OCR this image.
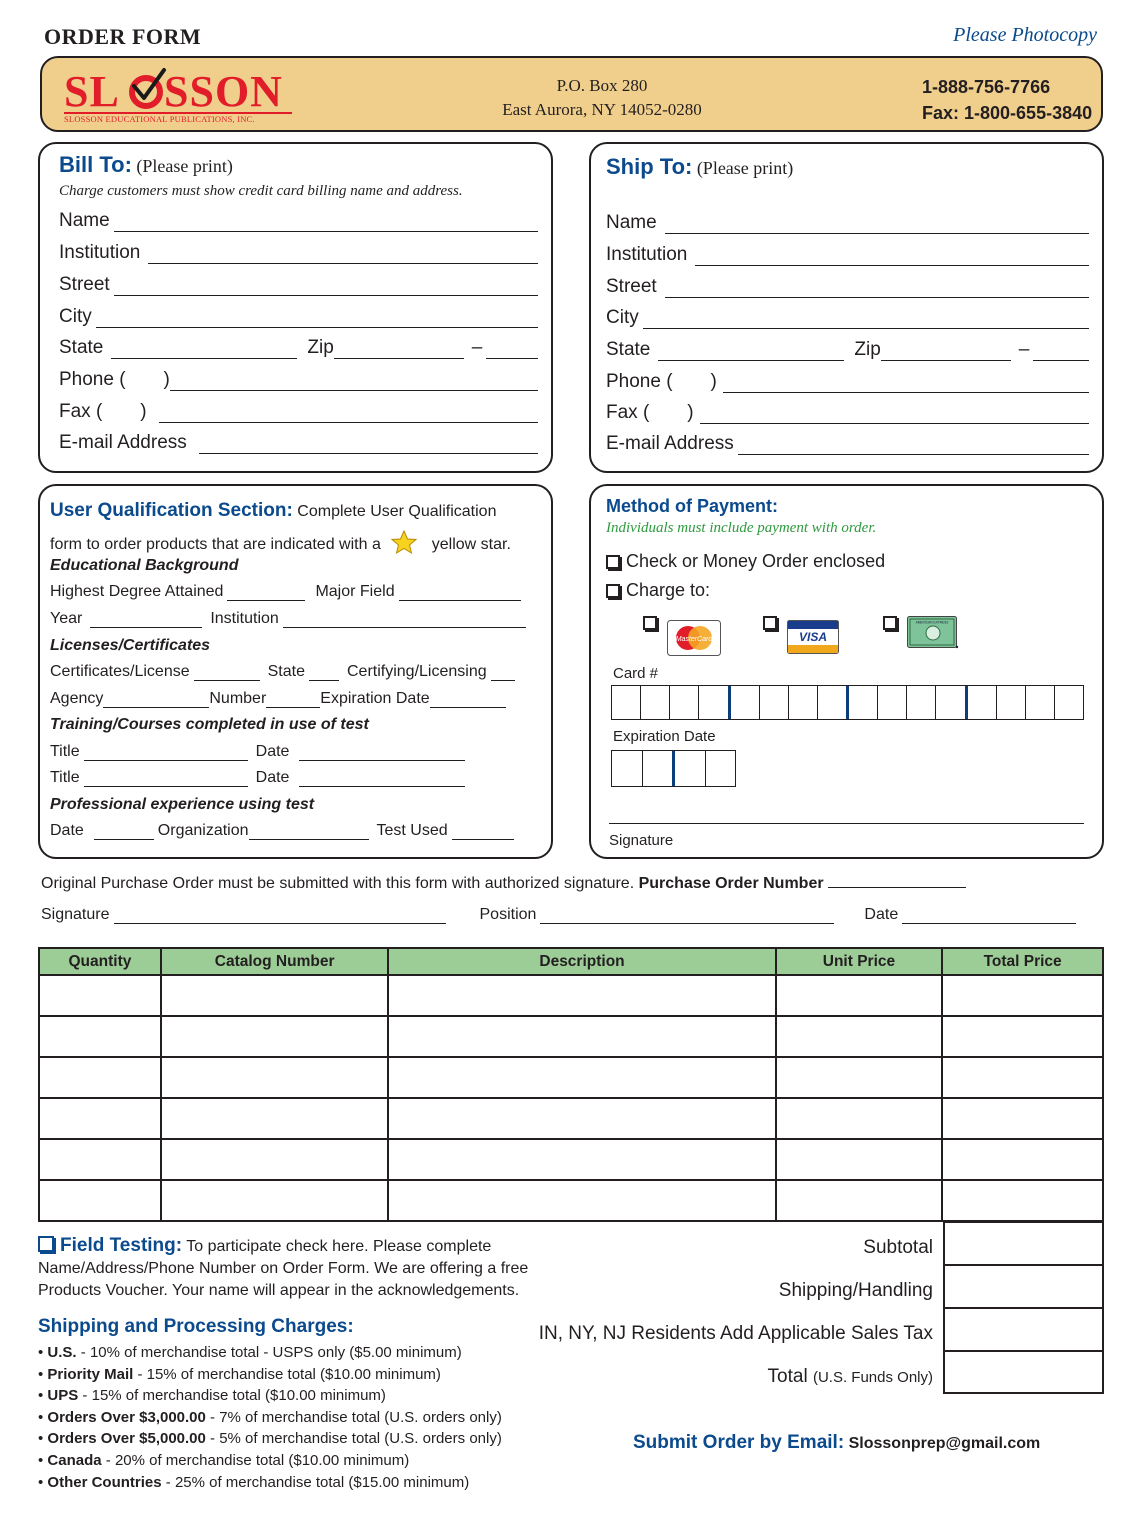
ORDER FORM	Please Photocopy
SL SSON
SLOSSON EDUCATIONAL PUBLICATIONS, INC.
P.O. Box 280
East Aurora, NY 14052-0280
1-888-756-7766
Fax: 1-800-655-3840
Bill To: (Please print)
Charge customers must show credit card billing name and address.
Name
Institution
Street
City
State	Zip	–
Phone ( )
Fax ( )
E-mail Address
Ship To: (Please print)
Name
Institution
Street
City
State	Zip	–
Phone ( )
Fax ( )
E-mail Address
User Qualification Section: Complete User Qualification
form to order products that are indicated with a	yellow star.
Educational Background
Highest Degree Attained	Major Field
Year	Institution
Licenses/Certificates
Certificates/License	State	Certifying/Licensing
Agency	Number	Expiration Date
Training/Courses completed in use of test
Title	Date
Title	Date
Professional experience using test
Date	Organization	Test Used
Method of Payment:
Individuals must include payment with order.
Check or Money Order enclosed
Charge to:
MasterCard	VISA
AMERICAN EXPRESS
Card #
Expiration Date
Signature
Original Purchase Order must be submitted with this form with authorized signature. Purchase Order Number
Signature	Position	Date
Quantity	Catalog Number	Description	Unit Price	Total Price

Field Testing: To participate check here. Please complete
Name/Address/Phone Number on Order Form. We are offering a free
Products Voucher. Your name will appear in the acknowledgements.
Subtotal
Shipping/Handling
IN, NY, NJ Residents Add Applicable Sales Tax
Total (U.S. Funds Only)
Shipping and Processing Charges:
• U.S. - 10% of merchandise total - USPS only ($5.00 minimum)
• Priority Mail - 15% of merchandise total ($10.00 minimum)
• UPS - 15% of merchandise total ($10.00 minimum)
• Orders Over $3,000.00 - 7% of merchandise total (U.S. orders only)
• Orders Over $5,000.00 - 5% of merchandise total (U.S. orders only)
• Canada - 20% of merchandise total ($10.00 minimum)
• Other Countries - 25% of merchandise total ($15.00 minimum)
Submit Order by Email: Slossonprep@gmail.com
